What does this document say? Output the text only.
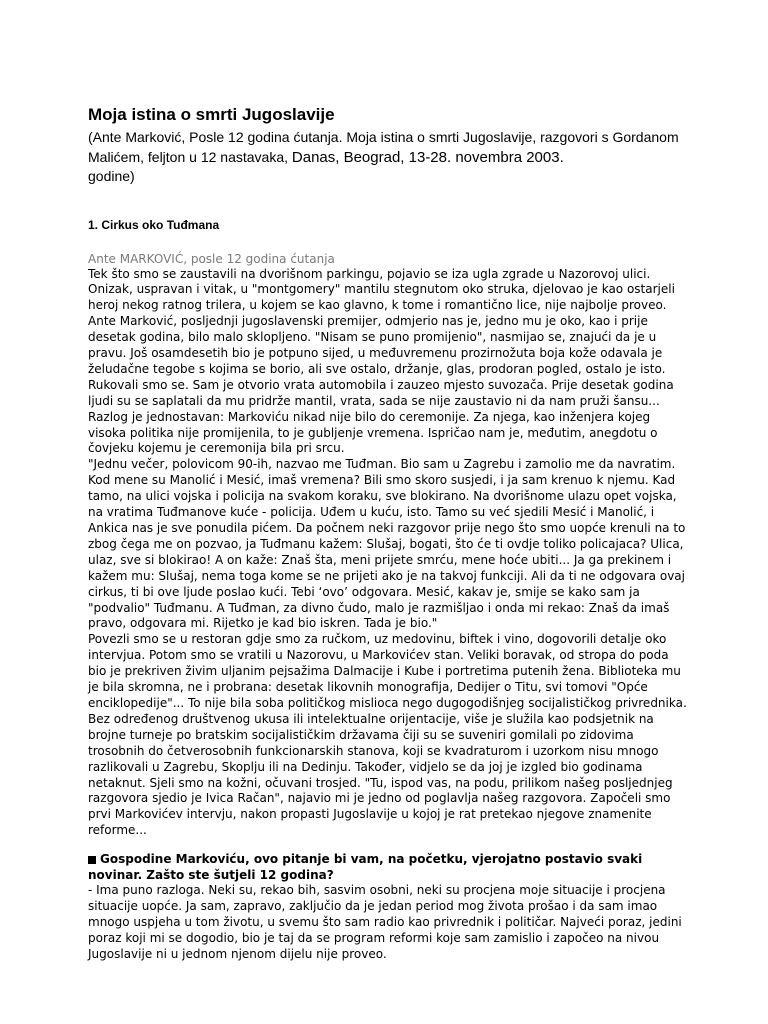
Moja istina o smrti Jugoslavije
(Ante Marković, Posle 12 godina ćutanja. Moja istina o smrti Jugoslavije, razgovori s Gordanom Malićem, feljton u 12 nastavaka, Danas, Beograd, 13-28. novembra 2003.
godine)
1. Cirkus oko Tuđmana
Ante MARKOVIĆ, posle 12 godina ćutanja

Tek što smo se zaustavili na dvorišnom parkingu, pojavio se iza ugla zgrade u Nazorovoj ulici. Onizak, uspravan i vitak, u "montgomery" mantilu stegnutom oko struka, djelovao je kao ostarjeli heroj nekog ratnog trilera, u kojem se kao glavno, k tome i romantično lice, nije najbolje proveo. Ante Marković, posljednji jugoslavenski premijer, odmjerio nas je, jedno mu je oko, kao i prije desetak godina, bilo malo sklopljeno. "Nisam se puno promijenio", nasmijao se, znajući da je u pravu. Još osamdesetih bio je potpuno sijed, u međuvremenu prozirnožuta boja kože odavala je želudačne tegobe s kojima se borio, ali sve ostalo, držanje, glas, prodoran pogled, ostalo je isto. Rukovali smo se. Sam je otvorio vrata automobila i zauzeo mjesto suvozača. Prije desetak godina ljudi su se saplatali da mu pridrže mantil, vrata, sada se nije zaustavio ni da nam pruži šansu...

Razlog je jednostavan: Markoviću nikad nije bilo do ceremonije. Za njega, kao inženjera kojeg visoka politika nije promijenila, to je gubljenje vremena. Ispričao nam je, međutim, anegdotu o čovjeku kojemu je ceremonija bila pri srcu.

"Jednu večer, polovicom 90-ih, nazvao me Tuđman. Bio sam u Zagrebu i zamolio me da navratim. Kod mene su Manolić i Mesić, imaš vremena? Bili smo skoro susjedi, i ja sam krenuo k njemu. Kad tamo, na ulici vojska i policija na svakom koraku, sve blokirano. Na dvorišnome ulazu opet vojska, na vratima Tuđmanove kuće - policija. Uđem u kuću, isto. Tamo su već sjedili Mesić i Manolić, i Ankica nas je sve ponudila pićem. Da počnem neki razgovor prije nego što smo uopće krenuli na to zbog čega me on pozvao, ja Tuđmanu kažem: Slušaj, bogati, što će ti ovdje toliko policajaca? Ulica, ulaz, sve si blokirao! A on kaže: Znaš šta, meni prijete smrću, mene hoće ubiti... Ja ga prekinem i kažem mu: Slušaj, nema toga kome se ne prijeti ako je na takvoj funkciji. Ali da ti ne odgovara ovaj cirkus, ti bi ove ljude poslao kući. Tebi ‘ovo’ odgovara. Mesić, kakav je, smije se kako sam ja "podvalio" Tuđmanu. A Tuđman, za divno čudo, malo je razmišljao i onda mi rekao: Znaš da imaš pravo, odgovara mi. Rijetko je kad bio iskren. Tada je bio."

Povezli smo se u restoran gdje smo za ručkom, uz medovinu, biftek i vino, dogovorili detalje oko intervjua. Potom smo se vratili u Nazorovu, u Markovićev stan. Veliki boravak, od stropa do poda bio je prekriven živim uljanim pejsažima Dalmacije i Kube i portretima putenih žena. Biblioteka mu je bila skromna, ne i probrana: desetak likovnih monografija, Dedijer o Titu, svi tomovi "Opće enciklopedije"... To nije bila soba političkog mislioca nego dugogodišnjeg socijalističkog privrednika. Bez određenog društvenog ukusa ili intelektualne orijentacije, više je služila kao podsjetnik na brojne turneje po bratskim socijalističkim državama čiji su se suveniri gomilali po zidovima trosobnih do četverosobnih funkcionarskih stanova, koji se kvadraturom i uzorkom nisu mnogo razlikovali u Zagrebu, Skoplju ili na Dedinju. Također, vidjelo se da joj je izgled bio godinama netaknut. Sjeli smo na kožni, očuvani trosjed. "Tu, ispod vas, na podu, prilikom našeg posljednjeg razgovora sjedio je Ivica Račan", najavio mi je jedno od poglavlja našeg razgovora. Započeli smo prvi Markovićev intervju, nakon propasti Jugoslavije u kojoj je rat pretekao njegove znamenite reforme...

Gospodine Markoviću, ovo pitanje bi vam, na početku, vjerojatno postavio svaki novinar. Zašto ste šutjeli 12 godina?

- Ima puno razloga. Neki su, rekao bih, sasvim osobni, neki su procjena moje situacije i procjena situacije uopće. Ja sam, zapravo, zaključio da je jedan period mog života prošao i da sam imao mnogo uspjeha u tom životu, u svemu što sam radio kao privrednik i političar. Najveći poraz, jedini poraz koji mi se dogodio, bio je taj da se program reformi koje sam zamislio i započeo na nivou Jugoslavije ni u jednom njenom dijelu nije proveo.
